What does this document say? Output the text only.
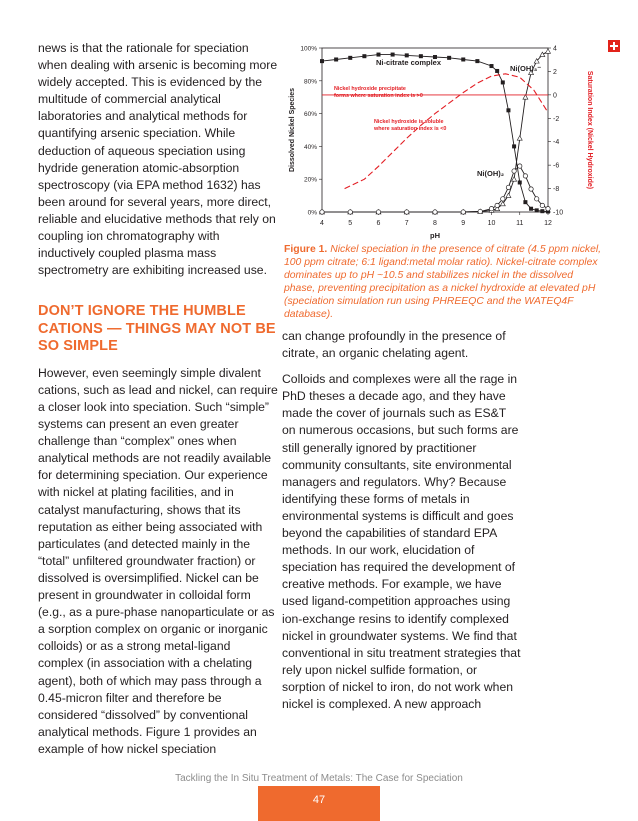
news is that the rationale for speciation when dealing with arsenic is becoming more widely accepted. This is evidenced by the multitude of commercial analytical laboratories and analytical methods for quantifying arsenic speciation. While deduction of aqueous speciation using hydride generation atomic-absorption spectroscopy (via EPA method 1632) has been around for several years, more direct, reliable and elucidative methods that rely on coupling ion chromatography with inductively coupled plasma mass spectrometry are exhibiting increased use.

DON’T IGNORE THE HUMBLE CATIONS — THINGS MAY NOT BE SO SIMPLE

However, even seemingly simple divalent cations, such as lead and nickel, can require a closer look into speciation. Such “simple” systems can present an even greater challenge than “complex” ones when analytical methods are not readily available for determining speciation. Our experience with nickel at plating facilities, and in catalyst manufacturing, shows that its reputation as either being associated with particulates (and detected mainly in the “total” unfiltered groundwater fraction) or dissolved is oversimplified. Nickel can be present in groundwater in colloidal form (e.g., as a pure-phase nanoparticulate or as a sorption complex on organic or inorganic colloids) or as a strong metal-ligand complex (in association with a chelating agent), both of which may pass through a 0.45-micron filter and therefore be considered “dissolved” by conventional analytical methods. Figure 1 provides an example of how nickel speciation

4	5	6	7	8	9	10	11	12
0%
20%
40%
60%
80%
100%
-10
-8
-6
-4
-2
0
2
4
pH
Dissolved Nickel Species	Saturation Index (Nickel Hydroxide)
Ni-citrate complex
Ni(OH)₃⁻
Ni(OH)₂
Nickel hydroxide precipitate
forms where saturation index is >0
Nickel hydroxide is soluble
where saturation index is <0
Figure 1. Nickel speciation in the presence of citrate (4.5 ppm nickel, 100 ppm citrate; 6:1 ligand:metal molar ratio). Nickel-citrate complex dominates up to pH ~10.5 and stabilizes nickel in the dissolved phase, preventing precipitation as a nickel hydroxide at elevated pH (speciation simulation run using PHREEQC and the WATEQ4F database).

can change profoundly in the presence of citrate, an organic chelating agent.

Colloids and complexes were all the rage in PhD theses a decade ago, and they have made the cover of journals such as ES&T on numerous occasions, but such forms are still generally ignored by practitioner community consultants, site environmental managers and regulators. Why? Because identifying these forms of metals in environmental systems is difficult and goes beyond the capabilities of standard EPA methods. In our work, elucidation of speciation has required the development of creative methods. For example, we have used ligand-competition approaches using ion-exchange resins to identify complexed nickel in groundwater systems. We find that conventional in situ treatment strategies that rely upon nickel sulfide formation, or sorption of nickel to iron, do not work when nickel is complexed. A new approach

Tackling the In Situ Treatment of Metals: The Case for Speciation
47
